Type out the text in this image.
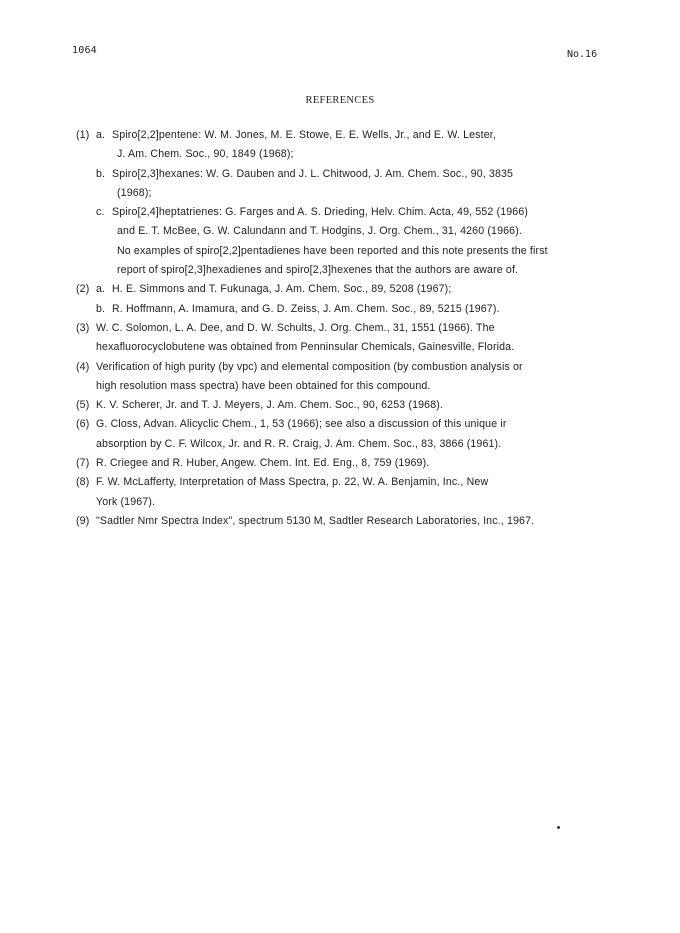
1064	No.16
REFERENCES
(1) a. Spiro[2,2]pentene: W. M. Jones, M. E. Stowe, E. E. Wells, Jr., and E. W. Lester,
J. Am. Chem. Soc., 90, 1849 (1968);
b. Spiro[2,3]hexanes: W. G. Dauben and J. L. Chitwood, J. Am. Chem. Soc., 90, 3835
(1968);
c. Spiro[2,4]heptatrienes: G. Farges and A. S. Drieding, Helv. Chim. Acta, 49, 552 (1966)
and E. T. McBee, G. W. Calundann and T. Hodgins, J. Org. Chem., 31, 4260 (1966).
No examples of spiro[2,2]pentadienes have been reported and this note presents the first
report of spiro[2,3]hexadienes and spiro[2,3]hexenes that the authors are aware of.
(2) a. H. E. Simmons and T. Fukunaga, J. Am. Chem. Soc., 89, 5208 (1967);
b. R. Hoffmann, A. Imamura, and G. D. Zeiss, J. Am. Chem. Soc., 89, 5215 (1967).
(3) W. C. Solomon, L. A. Dee, and D. W. Schults, J. Org. Chem., 31, 1551 (1966). The
hexafluorocyclobutene was obtained from Penninsular Chemicals, Gainesville, Florida.
(4) Verification of high purity (by vpc) and elemental composition (by combustion analysis or
high resolution mass spectra) have been obtained for this compound.
(5) K. V. Scherer, Jr. and T. J. Meyers, J. Am. Chem. Soc., 90, 6253 (1968).
(6) G. Closs, Advan. Alicyclic Chem., 1, 53 (1966); see also a discussion of this unique ir
absorption by C. F. Wilcox, Jr. and R. R. Craig, J. Am. Chem. Soc., 83, 3866 (1961).
(7) R. Criegee and R. Huber, Angew. Chem. Int. Ed. Eng., 8, 759 (1969).
(8) F. W. McLafferty, Interpretation of Mass Spectra, p. 22, W. A. Benjamin, Inc., New
York (1967).
(9) "Sadtler Nmr Spectra Index", spectrum 5130 M, Sadtler Research Laboratories, Inc., 1967.
